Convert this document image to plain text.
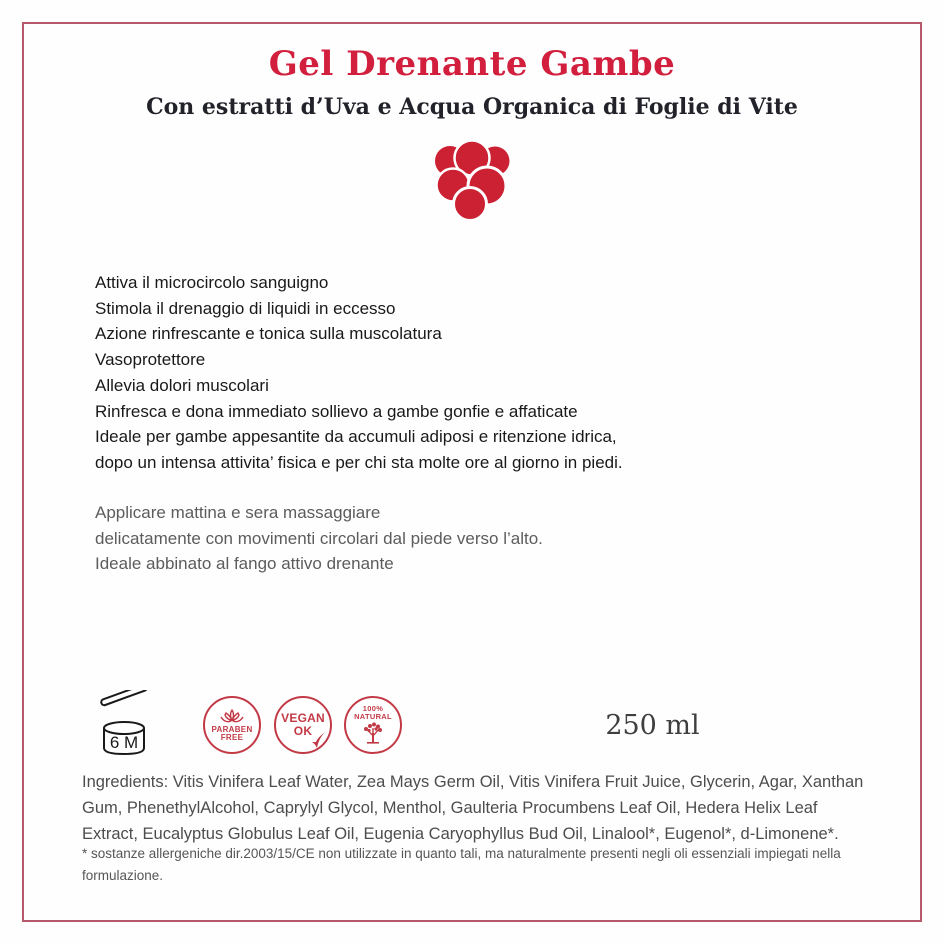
Gel Drenante Gambe
Con estratti d’Uva e Acqua Organica di Foglie di Vite
Attiva il microcircolo sanguigno
Stimola il drenaggio di liquidi in eccesso
Azione rinfrescante e tonica sulla muscolatura
Vasoprotettore
Allevia dolori muscolari
Rinfresca e dona immediato sollievo a gambe gonfie e affaticate
Ideale per gambe appesantite da accumuli adiposi e ritenzione idrica,
dopo un intensa attivita’ fisica e per chi sta molte ore al giorno in piedi.
Applicare mattina e sera massaggiare
delicatamente con movimenti circolari dal piede verso l’alto.
Ideale abbinato al fango attivo drenante
6 M
PARABEN
FREE
VEGAN
OK
100%
NATURAL	250 ml
Ingredients: Vitis Vinifera Leaf Water, Zea Mays Germ Oil, Vitis Vinifera Fruit Juice, Glycerin, Agar, Xanthan Gum, PhenethylAlcohol, Caprylyl Glycol, Menthol, Gaulteria Procumbens Leaf Oil, Hedera Helix Leaf Extract, Eucalyptus Globulus Leaf Oil, Eugenia Caryophyllus Bud Oil, Linalool*, Eugenol*, d-Limonene*.
* sostanze allergeniche dir.2003/15/CE non utilizzate in quanto tali, ma naturalmente presenti negli oli essenziali impiegati nella formulazione.
